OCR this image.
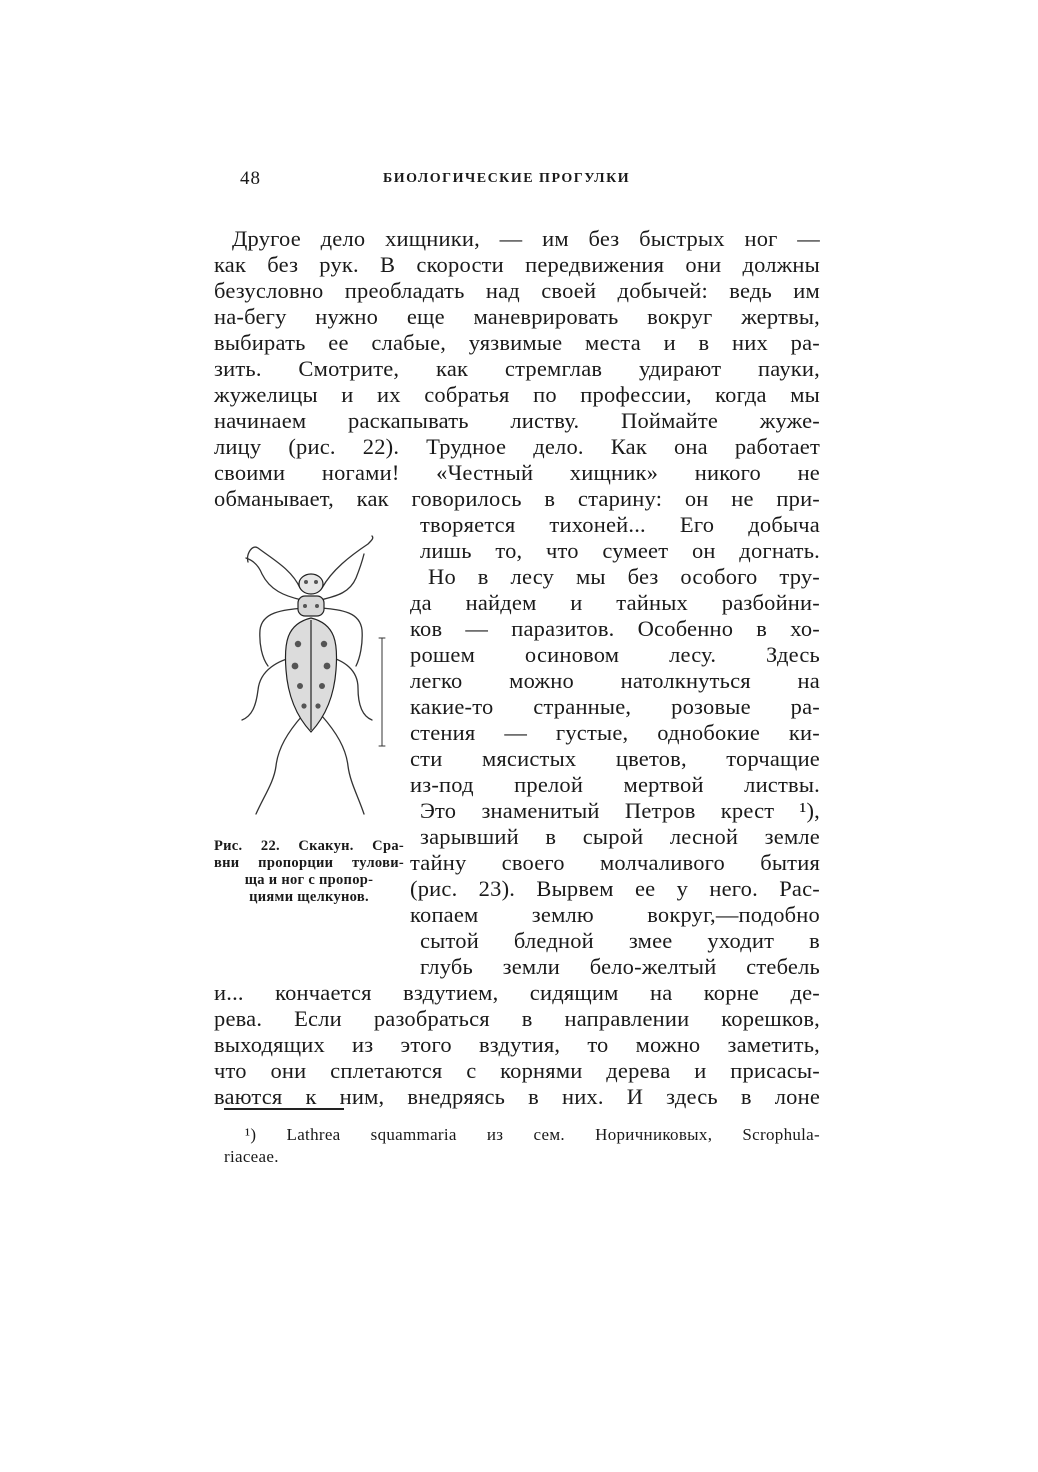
48	БИОЛОГИЧЕСКИЕ ПРОГУЛКИ
Другое дело хищники, — им без быстрых ног —
как без рук. В скорости передвижения они должны
безусловно преобладать над своей добычей: ведь им
на-бегу нужно еще маневрировать вокруг жертвы,
выбирать ее слабые, уязвимые места и в них ра-
зить. Смотрите, как стремглав удирают пауки,
жужелицы и их собратья по профессии, когда мы
начинаем раскапывать листву. Поймайте жуже-
лицу (рис. 22). Трудное дело. Как она работает
своими ногами! «Честный хищник» никого не
обманывает, как говорилось в старину: он не при-
творяется тихоней... Его добыча
лишь то, что сумеет он догнать.
Но в лесу мы без особого тру-
да найдем и тайных разбойни-
ков — паразитов. Особенно в хо-
рошем осиновом лесу. Здесь
легко можно натолкнуться на
какие-то странные, розовые ра-
стения — густые, однобокие ки-
сти мясистых цветов, торчащие
из-под прелой мертвой листвы.
Это знаменитый Петров крест ¹),
зарывший в сырой лесной земле
тайну своего молчаливого бытия
(рис. 23). Вырвем ее у него. Рас-
копаем землю вокруг,—подобно
сытой бледной змее уходит в
глубь земли бело-желтый стебель
и... кончается вздутием, сидящим на корне де-
рева. Если разобраться в направлении корешков,
выходящих из этого вздутия, то можно заметить,
что они сплетаются с корнями дерева и присасы-
ваются к ним, внедряясь в них. И здесь в лоне
Рис. 22. Скакун. Сра-
вни пропорции тулови-
ща и ног с пропор-
циями щелкунов.
¹) Lathrea squammaria из сем. Норичниковых, Scrophula-
riaceae.
